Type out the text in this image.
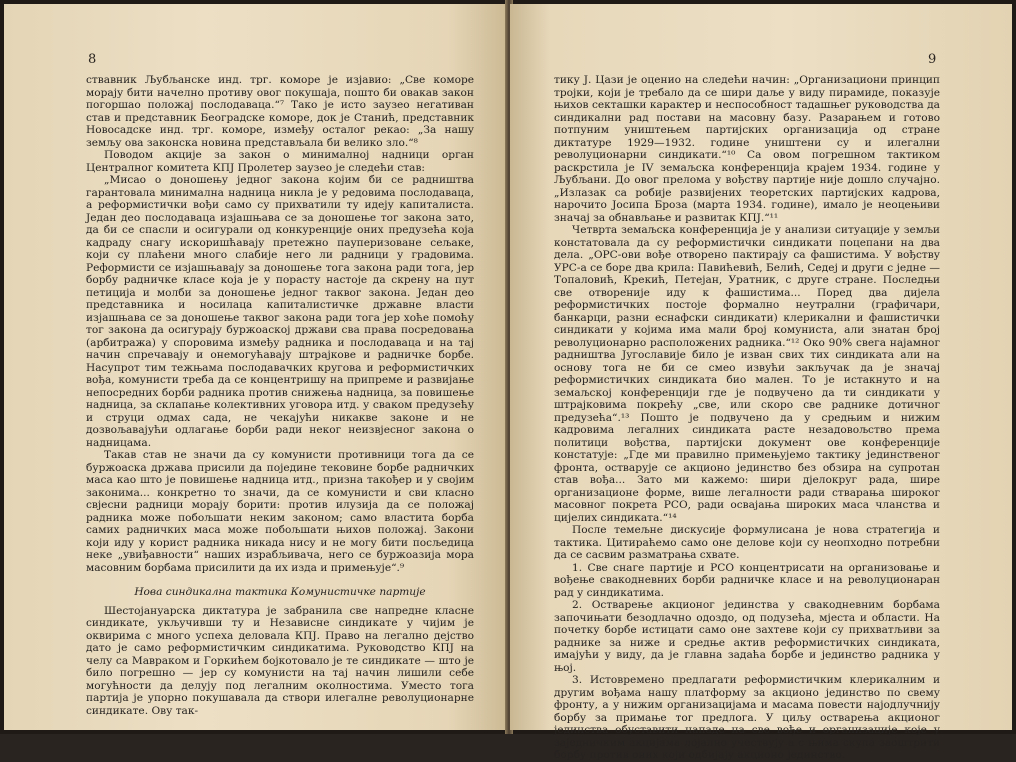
8

ствавник Љубљанске инд. трг. коморе је изјавио: „Све коморе морају бити начелно противу овог покушаја, пошто би овакав закон погоршао положај послодаваца.“⁷ Тако је исто заузео негативан став и представник Београдске коморе, док је Станић, представник Новосадске инд. трг. коморе, између осталог рекао: „За нашу земљу ова законска новина представљала би велико зло.“⁸

Поводом акције за закон о минималној надници орган Централног комитета КПЈ Пролетер заузео је следећи став:

„Мисао о доношењу једног закона којим би се радништва гарантовала минимална надница никла је у редовима послодаваца, а реформистички вођи само су прихватили ту идеју капиталиста. Један део послодаваца изјашњава се за доношење тог закона зато, да би се спасли и осигурали од конкуренције оних предузећа која кадраду снагу искоришћавају претежно пауперизоване сељаке, који су плаћени много слабије него ли радници у градовима. Реформисти се изјашњавају за доношење тога закона ради тога, јер борбу радничке класе која је у порасту настоје да скрену на пут петиција и молби за доношење једног таквог закона. Један део представника и носилаца капиталистичке државне власти изјашњава се за доношење таквог закона ради тога јер хоће помоћу тог закона да осигурају буржоаској држави сва права посредовања (арбитража) у споровима између радника и послодаваца и на тај начин спречавају и онемогућавају штрајкове и радничке борбе. Насупрот тим тежњама послодавачких кругова и реформистичких вођа, комунисти треба да се концентришу на припреме и развијање непосредних борби радника против снижења надница, за повишење надница, за склапање колективних уговора итд. у сваком предузећу и струци одмах сада, не чекајући никакве законе и не дозвољавајући одлагање борби ради неког неизвјесног закона о надницама.

Такав став не значи да су комунисти противници тога да се буржоаска држава присили да поједине тековине борбе радничких маса као што је повишење надница итд., призна такођер и у својим законима... конкретно то значи, да се комунисти и сви класно свјесни радници морају борити: против илузија да се положај радника може побољшати неким законом; само властита борба самих радничких маса може побољшати њихов положај. Закони који иду у корист радника никада нису и не могу бити посљедица неке „увиђавности“ наших израбљивача, него се буржоазија мора масовним борбама присилити да их изда и примењује“.⁹

Нова синдикална тактика Комунистичке партије

Шестојануарска диктатура је забранила све напредне класне синдикате, укључивши ту и Независне синдикате у чијим је оквирима с много успеха деловала КПЈ. Право на легално дејство дато је само реформистичким синдикатима. Руководство КПЈ на челу са Мавраком и Горкићем бојкотовало је те синдикате — што је било погрешно — јер су комунисти на тај начин лишили себе могућности да делују под легалним околностима. Уместо тога партија је упорно покушавала да створи илегалне револуционарне синдикате. Ову так-

9

тику Ј. Цази је оценио на следећи начин: „Организациони принцип тројки, који је требало да се шири даље у виду пирамиде, показује њихов секташки карактер и неспособност тадашњег руководства да синдикални рад постави на масовну базу. Разарањем и готово потпуним уништењем партијских организација од стране диктатуре 1929—1932. године уништени су и илегални револуционарни синдикати.“¹⁰ Са овом погрешном тактиком раскрстила је IV земаљска конференција крајем 1934. године у Љубљани. До овог прелома у вођству партије није дошло случајно. „Излазак са робије развијених теоретских партијских кадрова, нарочито Јосипа Броза (марта 1934. године), имало је неоцењиви значај за обнављање и развитак КПЈ.“¹¹

Четврта земаљска конференција је у анализи ситуације у земљи констатовала да су реформистички синдикати поцепани на два дела. „ОРС-ови вође отворено пактирају са фашистима. У вођству УРС-а се боре два крила: Павићевић, Белић, Седеј и други с једне — Топаловић, Крекић, Петејан, Уратник, с друге стране. Последњи све отвореније иду к фашистима... Поред два дијела реформистичких постоје формално неутрални (графичари, банкарци, разни еснафски синдикати) клерикални и фашистички синдикати у којима има мали број комуниста, али знатан број револуционарно расположених радника.“¹² Око 90% свега најамног радништва Југославије било је изван свих тих синдиката али на основу тога не би се смео извући закључак да је значај реформистичких синдиката био мален. То је истакнуто и на земаљској конференцији где је подвучено да ти синдикати у штрајковима покрећу „све, или скоро све раднике дотичног предузећа“.¹³ Пошто је подвучено да у средњим и нижим кадровима легалних синдиката расте незадовољство према политици вођства, партијски документ ове конференције констатује: „Где ми правилно примењујемо тактику јединственог фронта, остварује се акционо јединство без обзира на супротан став вођа... Зато ми кажемо: шири дјелокруг рада, шире организационе форме, више легалности ради стварања широког масовног покрета РСО, ради освајања широких маса чланства и цијелих синдиката.“¹⁴

После темељне дискусије формулисана је нова стратегија и тактика. Цитираћемо само оне делове који су неопходно потребни да се сасвим разматрања схвате.

1. Све снаге партије и РСО концентрисати на организовање и вођење свакодневних борби радничке класе и на револуционаран рад у синдикатима.

2. Остварење акционог јединства у свакодневним борбама започињати безодлачно одоздо, од подузећа, мјеста и области. На почетку борбе истицати само оне захтеве који су прихватљиви за раднике за ниже и средње актив реформистичких синдиката, имајући у виду, да је главна задаћа борбе и јединство радника у њој.

3. Истовремено предлагати реформистичким клерикалним и другим вођама нашу платформу за акционо јединство по свему фронту, а у нижим организацијама и масама повести најодлучнију борбу за примање тог предлога. У циљу остварења акционог јединства обуставити нападе на све вође и организације које у заједничким акцијама лојално учествују а с њима скупа заоштрити борбу против оних који одбијају акционо јединство.
